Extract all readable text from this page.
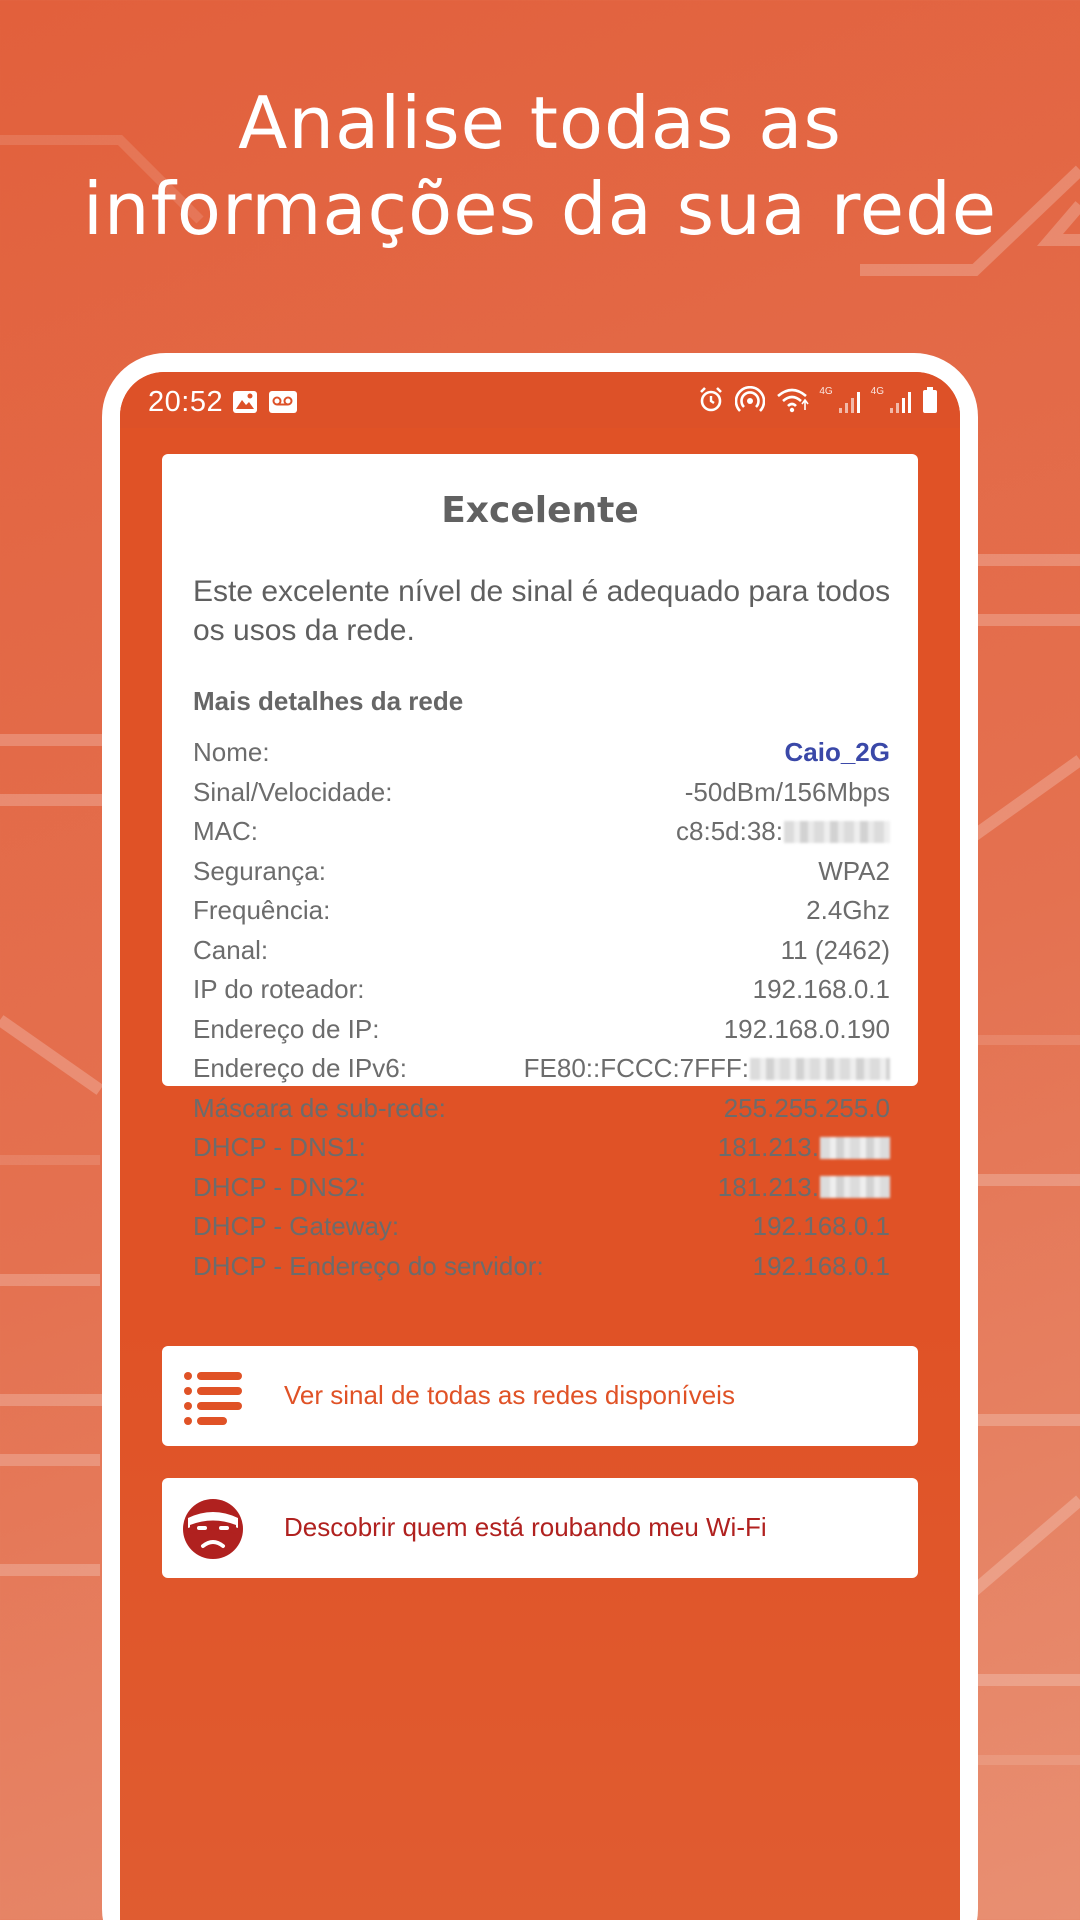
Analise todas as
informações da sua rede
20:52	4G	4G
Excelente
Este excelente nível de sinal é adequado para todos os usos da rede.
Mais detalhes da rede
Nome:	Caio_2G
Sinal/Velocidade:	-50dBm/156Mbps
MAC:	c8:5d:38:
Segurança:	WPA2
Frequência:	2.4Ghz
Canal:	11 (2462)
IP do roteador:	192.168.0.1
Endereço de IP:	192.168.0.190
Endereço de IPv6:	FE80::FCCC:7FFF:
Máscara de sub-rede:	255.255.255.0
DHCP - DNS1:	181.213.
DHCP - DNS2:	181.213.
DHCP - Gateway:	192.168.0.1
DHCP - Endereço do servidor:	192.168.0.1
Ver sinal de todas as redes disponíveis
Descobrir quem está roubando meu Wi-Fi
